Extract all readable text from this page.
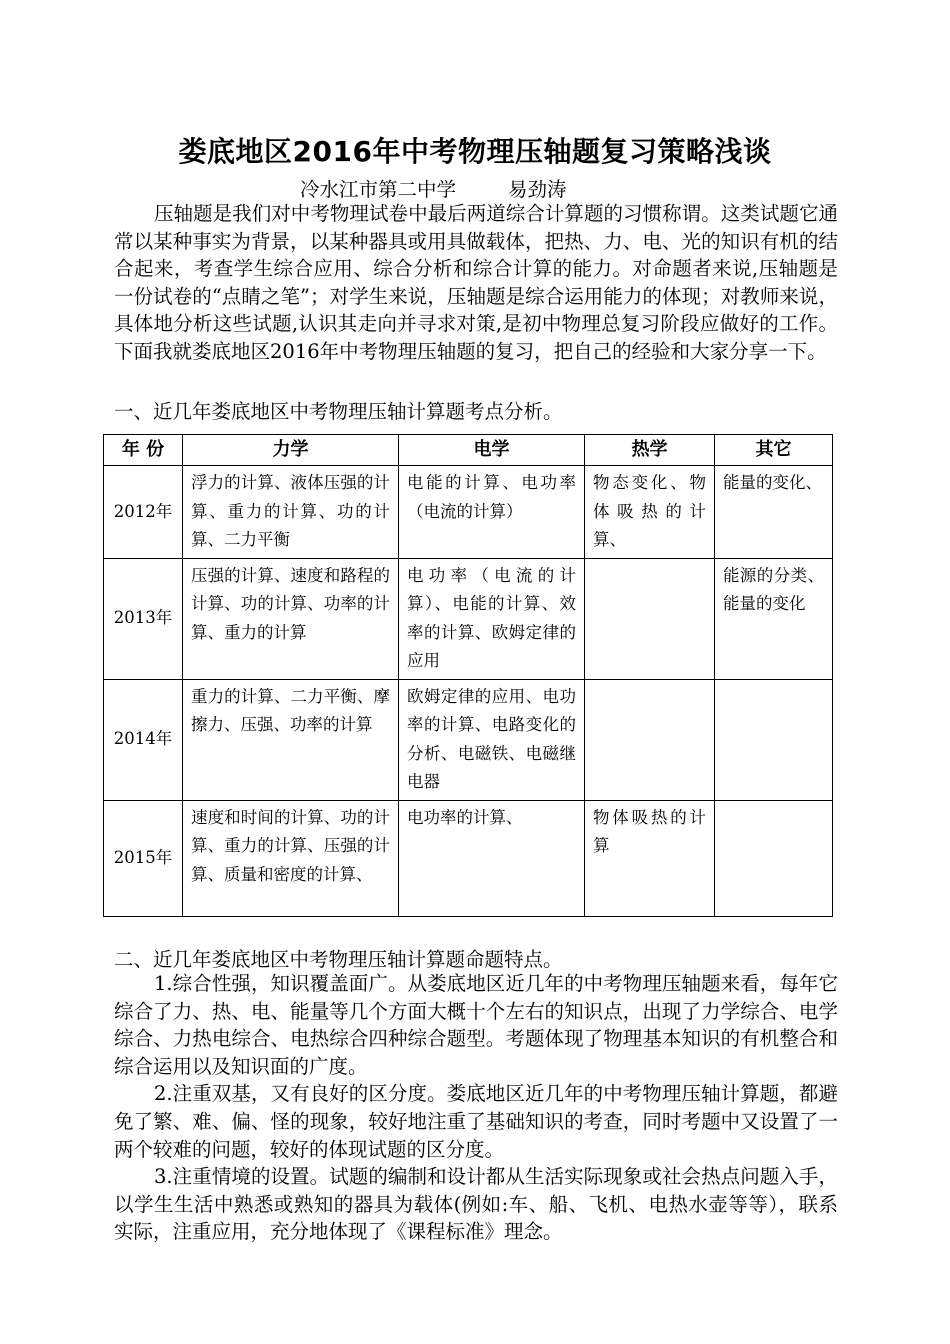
娄底地区2016年中考物理压轴题复习策略浅谈
冷水江市第二中学	易劲涛
压轴题是我们对中考物理试卷中最后两道综合计算题的习惯称谓。这类试题它通常以某种事实为背景，以某种器具或用具做载体，把热、力、电、光的知识有机的结合起来，考查学生综合应用、综合分析和综合计算的能力。对命题者来说,压轴题是一份试卷的“点睛之笔”；对学生来说，压轴题是综合运用能力的体现；对教师来说，具体地分析这些试题,认识其走向并寻求对策,是初中物理总复习阶段应做好的工作。下面我就娄底地区2016年中考物理压轴题的复习，把自己的经验和大家分享一下。
一、近几年娄底地区中考物理压轴计算题考点分析。
年 份	力学	电学	热学	其它
2012年	浮力的计算、液体压强的计算、重力的计算、功的计算、二力平衡	电能的计算、电功率（电流的计算）	物态变化、物体吸热的计算、	能量的变化、
2013年	压强的计算、速度和路程的计算、功的计算、功率的计算、重力的计算	电功率（电流的计算）、电能的计算、效率的计算、欧姆定律的应用		能源的分类、能量的变化
2014年	重力的计算、二力平衡、摩擦力、压强、功率的计算	欧姆定律的应用、电功率的计算、电路变化的分析、电磁铁、电磁继电器		
2015年	速度和时间的计算、功的计算、重力的计算、压强的计算、质量和密度的计算、	电功率的计算、	物体吸热的计算	
二、近几年娄底地区中考物理压轴计算题命题特点。

1.综合性强，知识覆盖面广。从娄底地区近几年的中考物理压轴题来看，每年它综合了力、热、电、能量等几个方面大概十个左右的知识点，出现了力学综合、电学综合、力热电综合、电热综合四种综合题型。考题体现了物理基本知识的有机整合和综合运用以及知识面的广度。

2.注重双基，又有良好的区分度。娄底地区近几年的中考物理压轴计算题，都避免了繁、难、偏、怪的现象，较好地注重了基础知识的考查，同时考题中又设置了一两个较难的问题，较好的体现试题的区分度。

3.注重情境的设置。试题的编制和设计都从生活实际现象或社会热点问题入手，以学生生活中熟悉或熟知的器具为载体(例如:车、船、飞机、电热水壶等等），联系实际，注重应用，充分地体现了《课程标准》理念。
